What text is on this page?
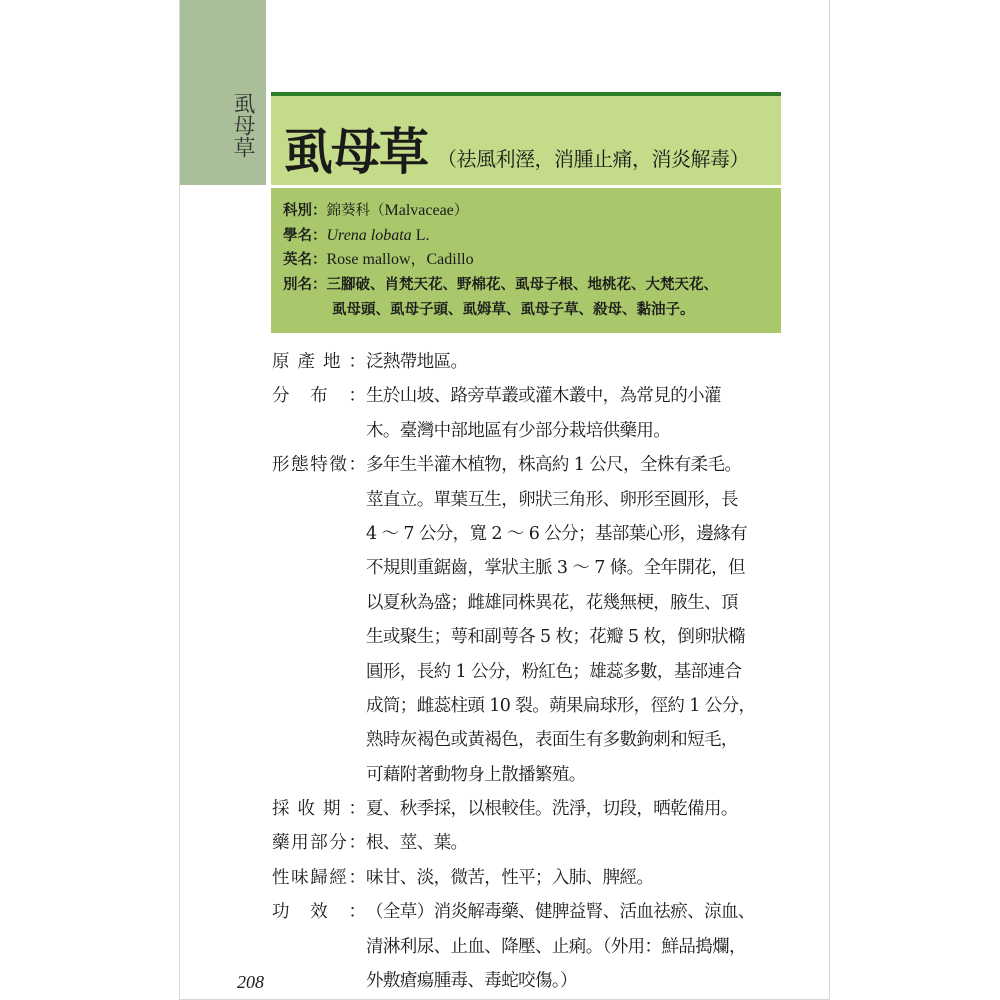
虱母草 虱母草 （祛風利溼，消腫止痛，消炎解毒）
科別：錦葵科（Malvaceae）
學名：Urena lobata L.
英名：Rose mallow，Cadillo
別名：三腳破、肖梵天花、野棉花、虱母子根、地桃花、大梵天花、
虱母頭、虱母子頭、虱姆草、虱母子草、殺母、黏油子。
原產地： 泛熱帶地區。
分布： 生於山坡、路旁草叢或灌木叢中，為常見的小灌
木。臺灣中部地區有少部分栽培供藥用。
形態特徵： 多年生半灌木植物，株高約 1 公尺，全株有柔毛。
莖直立。單葉互生，卵狀三角形、卵形至圓形，長
4 ～ 7 公分，寬 2 ～ 6 公分；基部葉心形，邊緣有
不規則重鋸齒，掌狀主脈 3 ～ 7 條。全年開花，但
以夏秋為盛；雌雄同株異花，花幾無梗，腋生、頂
生或聚生；萼和副萼各 5 枚；花瓣 5 枚，倒卵狀橢
圓形，長約 1 公分，粉紅色；雄蕊多數，基部連合
成筒；雌蕊柱頭 10 裂。蒴果扁球形，徑約 1 公分，
熟時灰褐色或黃褐色，表面生有多數鉤刺和短毛，
可藉附著動物身上散播繁殖。
採收期： 夏、秋季採，以根較佳。洗淨，切段，晒乾備用。
藥用部分： 根、莖、葉。
性味歸經： 味甘、淡，微苦，性平；入肺、脾經。
功效： （全草）消炎解毒藥、健脾益腎、活血祛瘀、涼血、
清淋利尿、止血、降壓、止痢。（外用：鮮品搗爛，
外敷瘡瘍腫毒、毒蛇咬傷。）
208
